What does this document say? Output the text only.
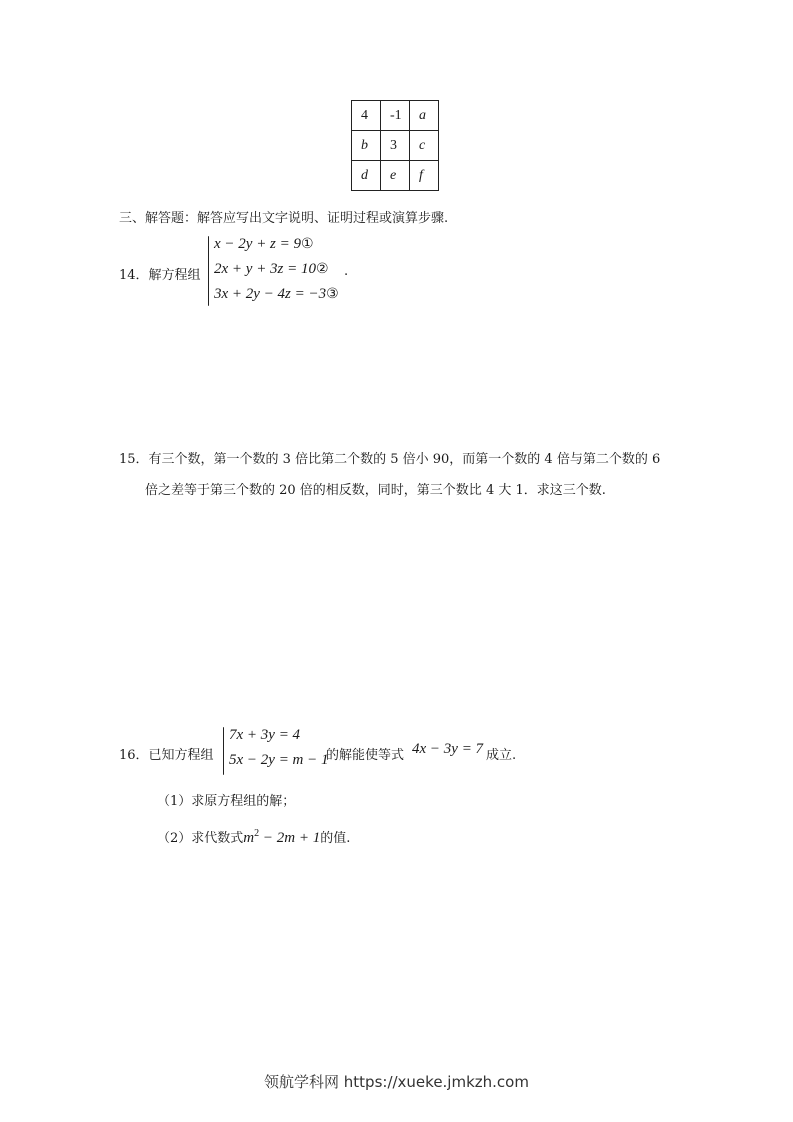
4	-1	a
b	3	c
d	e	f
三、解答题：解答应写出文字说明、证明过程或演算步骤.
14．解方程组
x − 2y + z = 9①
2x + y + 3z = 10②
3x + 2y − 4z = −3③
.
15．有三个数，第一个数的 3 倍比第二个数的 5 倍小 90，而第一个数的 4 倍与第二个数的 6
倍之差等于第三个数的 20 倍的相反数，同时，第三个数比 4 大 1．求这三个数.
16．已知方程组
7x + 3y = 4
5x − 2y = m − 1
的解能使等式 4x − 3y = 7 成立.
（1）求原方程组的解；
（2）求代数式$m^2 - 2m + 1$的值.
领航学科网 https://xueke.jmkzh.com
